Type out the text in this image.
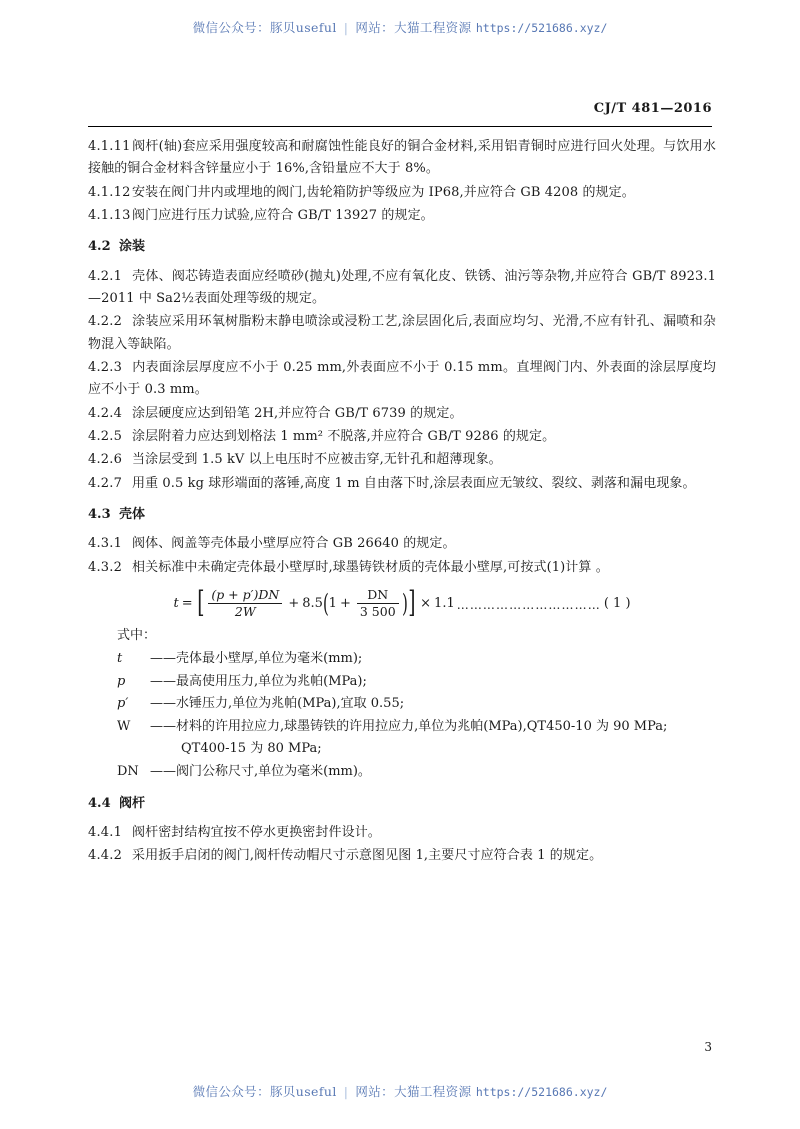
微信公众号：豚贝useful | 网站：大猫工程资源 https://521686.xyz/
CJ/T 481—2016

4.1.11阀杆(轴)套应采用强度较高和耐腐蚀性能良好的铜合金材料,采用铝青铜时应进行回火处理。与饮用水接触的铜合金材料含锌量应小于 16%,含铅量应不大于 8%。

4.1.12安装在阀门井内或埋地的阀门,齿轮箱防护等级应为 IP68,并应符合 GB 4208 的规定。

4.1.13阀门应进行压力试验,应符合 GB/T 13927 的规定。

4.2 涂装

4.2.1 壳体、阀芯铸造表面应经喷砂(抛丸)处理,不应有氧化皮、铁锈、油污等杂物,并应符合 GB/T 8923.1—2011 中 Sa2½表面处理等级的规定。

4.2.2 涂装应采用环氧树脂粉末静电喷涂或浸粉工艺,涂层固化后,表面应均匀、光滑,不应有针孔、漏喷和杂物混入等缺陷。

4.2.3 内表面涂层厚度应不小于 0.25 mm,外表面应不小于 0.15 mm。直埋阀门内、外表面的涂层厚度均应不小于 0.3 mm。

4.2.4 涂层硬度应达到铅笔 2H,并应符合 GB/T 6739 的规定。

4.2.5 涂层附着力应达到划格法 1 mm² 不脱落,并应符合 GB/T 9286 的规定。

4.2.6 当涂层受到 1.5 kV 以上电压时不应被击穿,无针孔和超薄现象。

4.2.7 用重 0.5 kg 球形端面的落锤,高度 1 m 自由落下时,涂层表面应无皱纹、裂纹、剥落和漏电现象。

4.3 壳体

4.3.1 阀体、阀盖等壳体最小壁厚应符合 GB 26640 的规定。

4.3.2 相关标准中未确定壳体最小壁厚时,球墨铸铁材质的壳体最小壁厚,可按式(1)计算 。

t = [ $\frac{(p + p')DN}{2W} + 8.5$ ( $1 + \frac{DN}{3 500}$ ) ] × 1.1 …………………………… ( 1 )

式中：

t	—— 壳体最小壁厚,单位为毫米(mm);
p	—— 最高使用压力,单位为兆帕(MPa);
p′	—— 水锤压力,单位为兆帕(MPa),宜取 0.55;
W	—— 材料的许用拉应力,球墨铸铁的许用拉应力,单位为兆帕(MPa),QT450-10 为 90 MPa;
QT400-15 为 80 MPa;
DN —— 阀门公称尺寸,单位为毫米(mm)。

4.4 阀杆

4.4.1 阀杆密封结构宜按不停水更换密封件设计。

4.4.2 采用扳手启闭的阀门,阀杆传动帽尺寸示意图见图 1,主要尺寸应符合表 1 的规定。

3
微信公众号：豚贝useful | 网站：大猫工程资源 https://521686.xyz/
